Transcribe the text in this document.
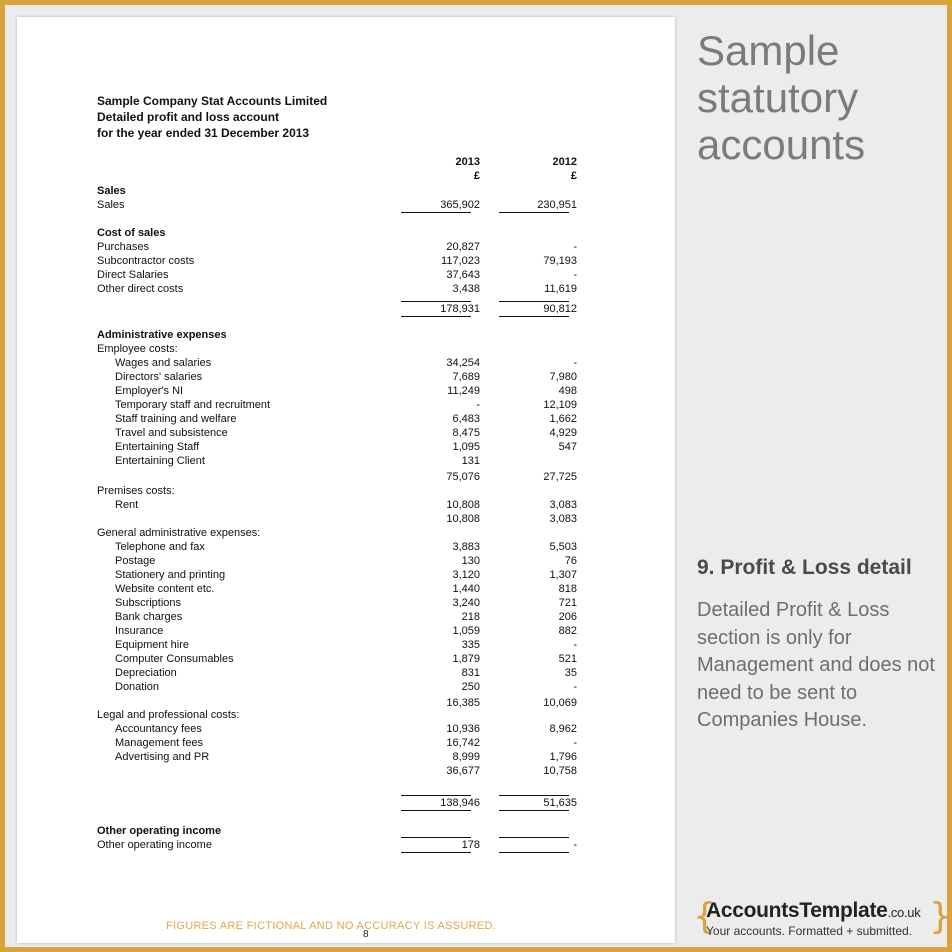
Sample Company Stat Accounts Limited
Detailed profit and loss account
for the year ended 31 December 2013
2013
£
2012
£
Sales
Sales	365,902	230,951
Cost of sales
Purchases	20,827	-
Subcontractor costs	117,023	79,193
Direct Salaries	37,643	-
Other direct costs	3,438	11,619
178,931	90,812
Administrative expenses
Employee costs:
Wages and salaries	34,254	-
Directors' salaries	7,689	7,980
Employer's NI	11,249	498
Temporary staff and recruitment	-	12,109
Staff training and welfare	6,483	1,662
Travel and subsistence	8,475	4,929
Entertaining Staff	1,095	547
Entertaining Client	131
75,076	27,725
Premises costs:
Rent	10,808	3,083
10,808	3,083
General administrative expenses:
Telephone and fax	3,883	5,503
Postage	130	76
Stationery and printing	3,120	1,307
Website content etc.	1,440	818
Subscriptions	3,240	721
Bank charges	218	206
Insurance	1,059	882
Equipment hire	335	-
Computer Consumables	1,879	521
Depreciation	831	35
Donation	250	-
16,385	10,069
Legal and professional costs:
Accountancy fees	10,936	8,962
Management fees	16,742	-
Advertising and PR	8,999	1,796
36,677	10,758
138,946	51,635
Other operating income
Other operating income	178	-
8
Sample
statutory
accounts
9. Profit & Loss detail
Detailed Profit & Loss section is only for Management and does not need to be sent to Companies House.
{
AccountsTemplate.co.uk
Your accounts. Formatted + submitted. }
FIGURES ARE FICTIONAL AND NO ACCURACY IS ASSURED.
